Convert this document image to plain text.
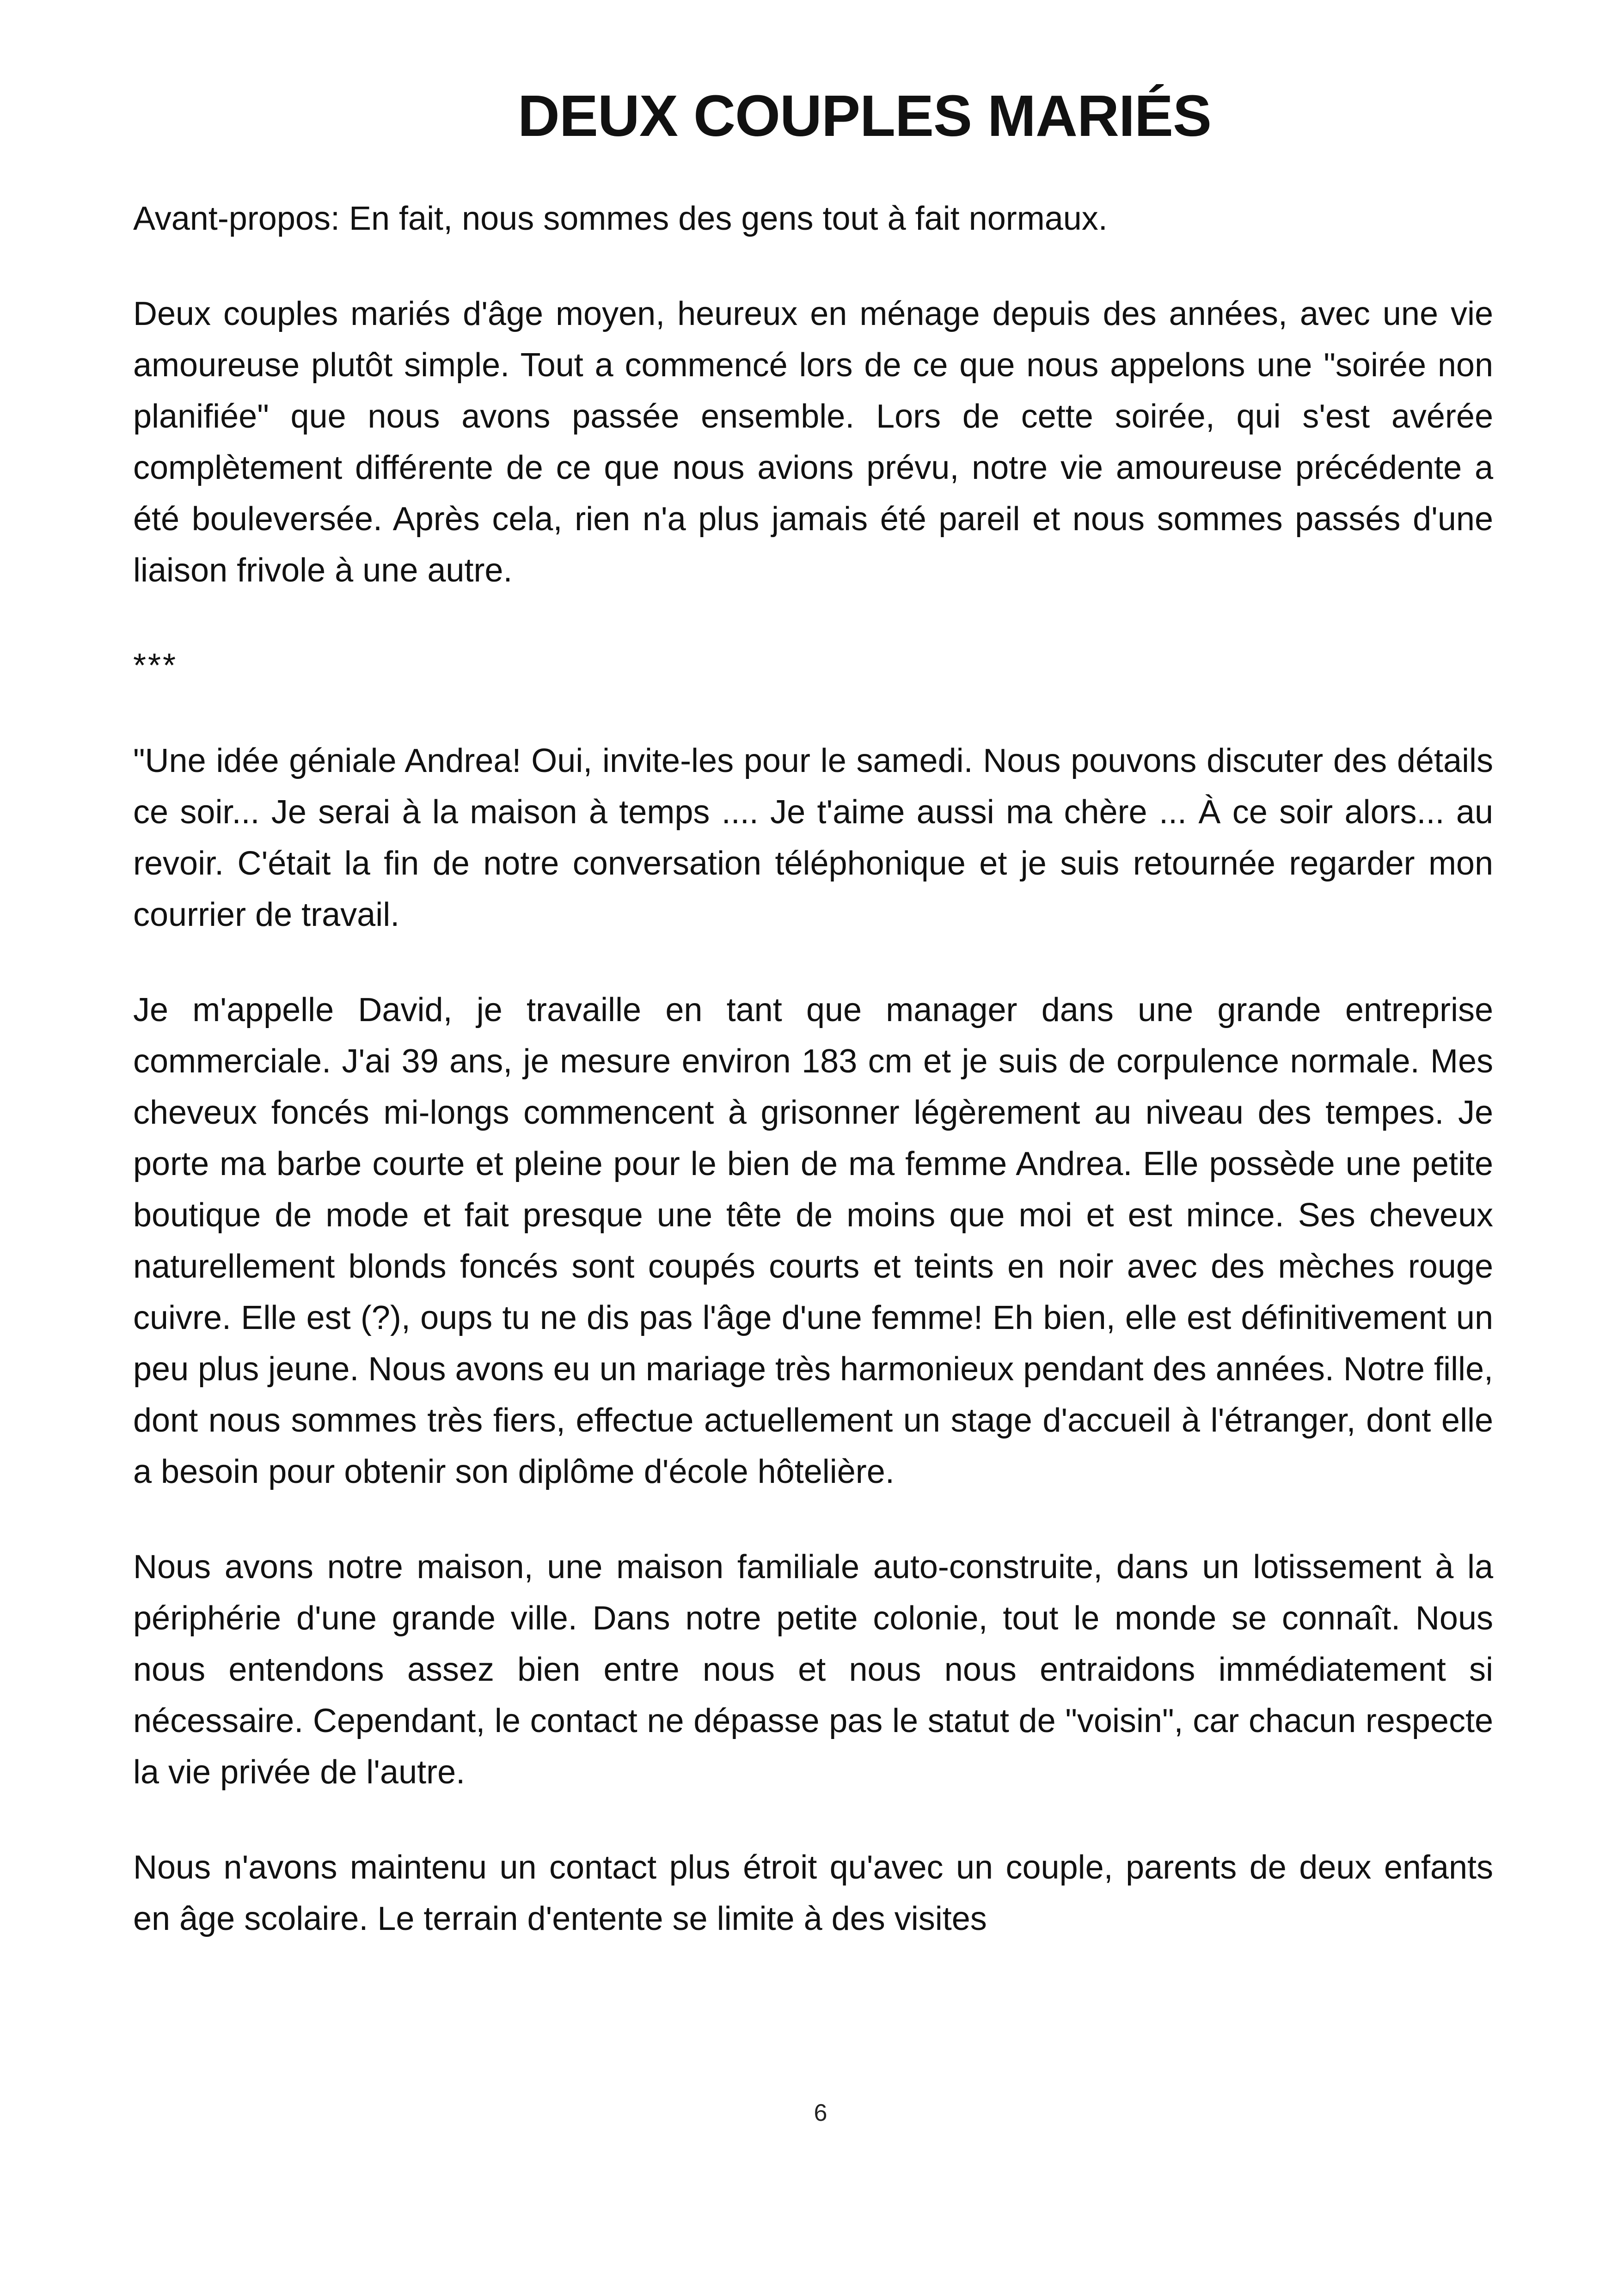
DEUX COUPLES MARIÉS

Avant-propos: En fait, nous sommes des gens tout à fait normaux.

Deux couples mariés d'âge moyen, heureux en ménage depuis des années, avec une vie amoureuse plutôt simple. Tout a commencé lors de ce que nous appelons une "soirée non planifiée" que nous avons passée ensemble. Lors de cette soirée, qui s'est avérée complètement différente de ce que nous avions prévu, notre vie amoureuse précédente a été bouleversée. Après cela, rien n'a plus jamais été pareil et nous sommes passés d'une liaison frivole à une autre.

***

"Une idée géniale Andrea! Oui, invite-les pour le samedi. Nous pouvons discuter des détails ce soir... Je serai à la maison à temps .... Je t'aime aussi ma chère ... À ce soir alors... au revoir. C'était la fin de notre conversation téléphonique et je suis retournée regarder mon courrier de travail.

Je m'appelle David, je travaille en tant que manager dans une grande entreprise commerciale. J'ai 39 ans, je mesure environ 183 cm et je suis de corpulence normale. Mes cheveux foncés mi-longs commencent à grisonner légèrement au niveau des tempes. Je porte ma barbe courte et pleine pour le bien de ma femme Andrea. Elle possède une petite boutique de mode et fait presque une tête de moins que moi et est mince. Ses cheveux naturellement blonds foncés sont coupés courts et teints en noir avec des mèches rouge cuivre. Elle est (?), oups tu ne dis pas l'âge d'une femme! Eh bien, elle est définitivement un peu plus jeune. Nous avons eu un mariage très harmonieux pendant des années. Notre fille, dont nous sommes très fiers, effectue actuellement un stage d'accueil à l'étranger, dont elle a besoin pour obtenir son diplôme d'école hôtelière.

Nous avons notre maison, une maison familiale auto-construite, dans un lotissement à la périphérie d'une grande ville. Dans notre petite colonie, tout le monde se connaît. Nous nous entendons assez bien entre nous et nous nous entraidons immédiatement si nécessaire. Cependant, le contact ne dépasse pas le statut de "voisin", car chacun respecte la vie privée de l'autre.

Nous n'avons maintenu un contact plus étroit qu'avec un couple, parents de deux enfants en âge scolaire. Le terrain d'entente se limite à des visites

6
